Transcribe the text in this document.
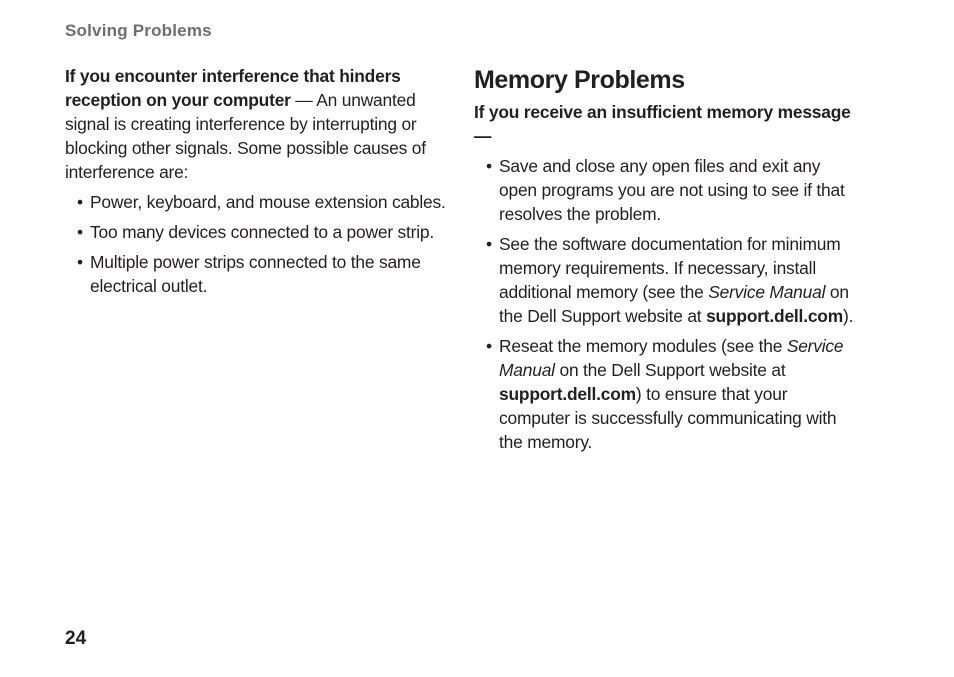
Solving Problems

If you encounter interference that hinders reception on your computer — An unwanted signal is creating interference by interrupting or blocking other signals. Some possible causes of interference are:

• Power, keyboard, and mouse extension cables.
• Too many devices connected to a power strip.
• Multiple power strips connected to the same electrical outlet.
Memory Problems

If you receive an insufficient memory message —

• Save and close any open files and exit any open programs you are not using to see if that resolves the problem.
• See the software documentation for minimum memory requirements. If necessary, install additional memory (see the Service Manual on the Dell Support website at support.dell.com).
• Reseat the memory modules (see the Service Manual on the Dell Support website at support.dell.com) to ensure that your computer is successfully communicating with the memory.
24
